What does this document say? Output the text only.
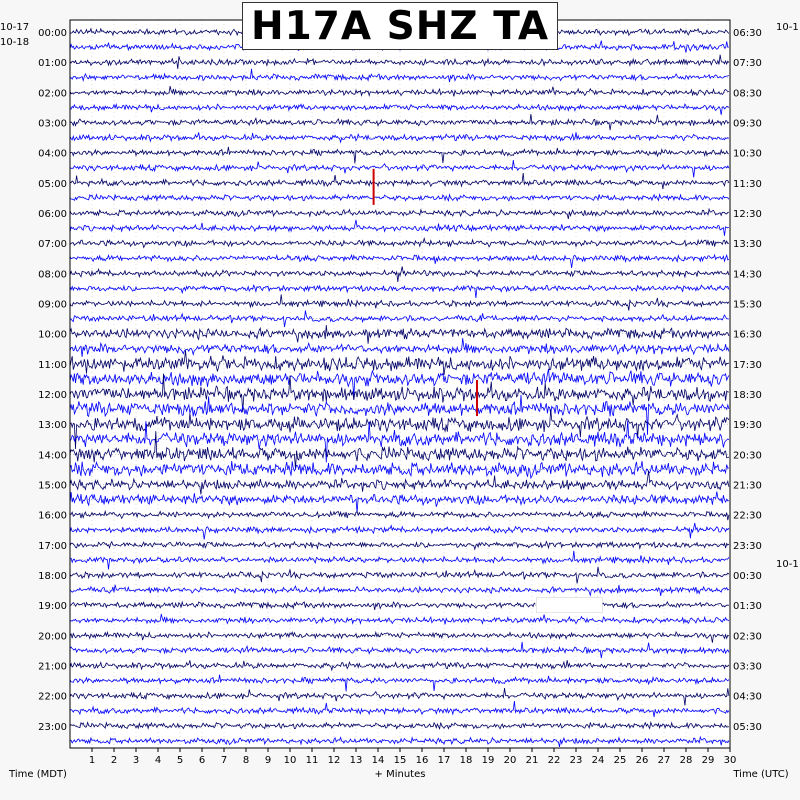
00:00
01:00
02:00
03:00
04:00
05:00
06:00
07:00
08:00
09:00
10:00
11:00
12:00
13:00
14:00
15:00
16:00
17:00
18:00
19:00
20:00
21:00
22:00
23:00
06:30
07:30
08:30
09:30
10:30
11:30
12:30
13:30
14:30
15:30
16:30
17:30
18:30
19:30
20:30
21:30
22:30
23:30
00:30
01:30
02:30
03:30
04:30
05:30
10-17
10-18
10-1
10-1
1 2 3 4 5 6 7 8 9 10 11 12 13 14 15 16 17 18 19 20 21 22 23 24 25 26 27 28 29 30
Time (MDT)	+ Minutes	Time (UTC)
H17A SHZ TA
